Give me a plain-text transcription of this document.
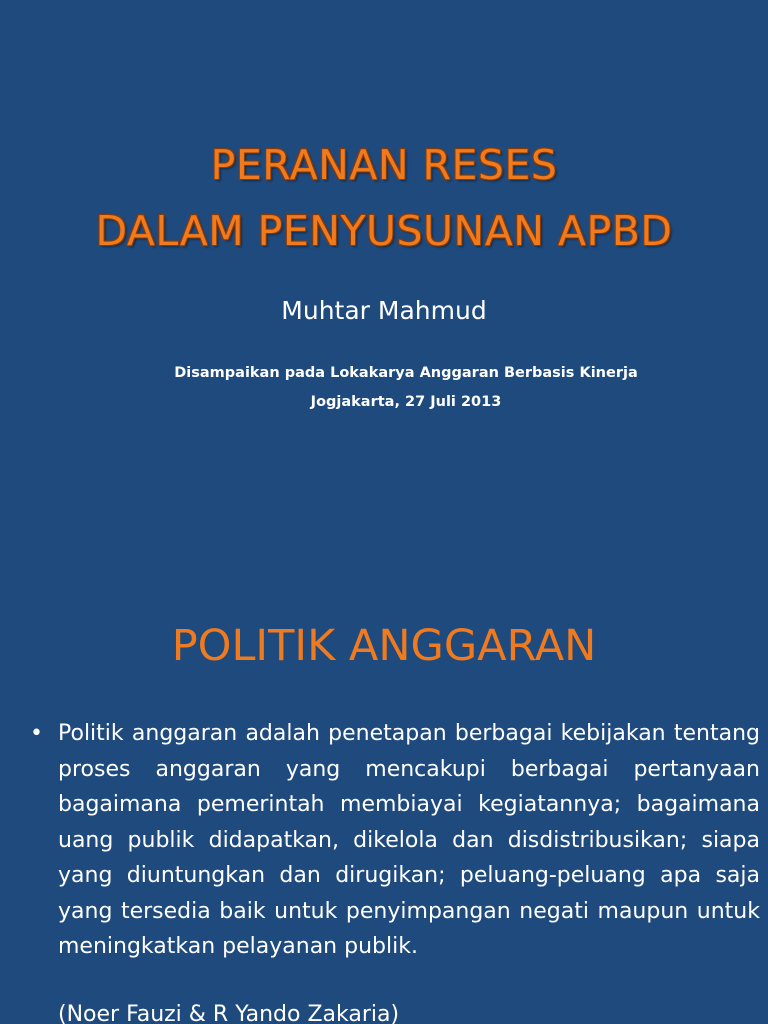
PERANAN RESES
DALAM PENYUSUNAN APBD
Muhtar Mahmud
Disampaikan pada Lokakarya Anggaran Berbasis Kinerja
Jogjakarta, 27 Juli 2013
POLITIK ANGGARAN
• Politik anggaran adalah penetapan berbagai kebijakan tentang proses anggaran yang mencakupi berbagai pertanyaan bagaimana pemerintah membiayai kegiatannya; bagaimana uang publik didapatkan, dikelola dan disdistribusikan; siapa yang diuntungkan dan dirugikan; peluang-peluang apa saja yang tersedia baik untuk penyimpangan negati maupun untuk meningkatkan pelayanan publik.
(Noer Fauzi & R Yando Zakaria)
